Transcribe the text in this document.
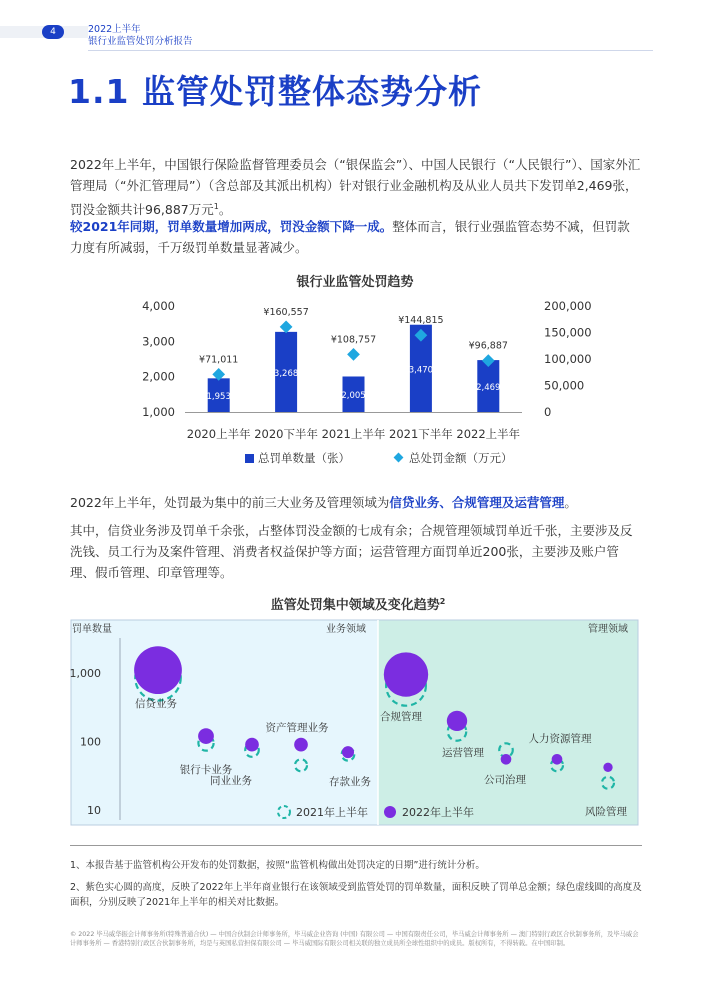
4	2022上半年
银行业监管处罚分析报告
1.1 监管处罚整体态势分析

2022年上半年，中国银行保险监督管理委员会（“银保监会”）、中国人民银行（“人民银行”）、国家外汇管理局（“外汇管理局”）（含总部及其派出机构）针对银行业金融机构及从业人员共下发罚单2,469张，罚没金额共计96,887万元$^1$。

较2021年同期，罚单数量增加两成，罚没金额下降一成。整体而言，银行业强监管态势不减，但罚款力度有所减弱，千万级罚单数量显著减少。

银行业监管处罚趋势
1,000
2,000
3,000
4,000
0
50,000
100,000
150,000
200,000
1,953
¥71,011
2020上半年
3,268
¥160,557
2020下半年
2,005
¥108,757
2021上半年
3,470
¥144,815
2021下半年
2,469
¥96,887
2022上半年
总罚单数量（张）	总处罚金额（万元）

2022年上半年，处罚最为集中的前三大业务及管理领域为信贷业务、合规管理及运营管理。

其中，信贷业务涉及罚单千余张，占整体罚没金额的七成有余；合规管理领域罚单近千张，主要涉及反洗钱、员工行为及案件管理、消费者权益保护等方面；运营管理方面罚单近200张，主要涉及账户管理、假币管理、印章管理等。

监管处罚集中领域及变化趋势$^2$
罚单数量	业务领域	管理领域
10
100
1,000
信贷业务
银行卡业务
同业业务
资产管理业务
存款业务
合规管理
运营管理
公司治理
人力资源管理
风险管理
2021年上半年	2022年上半年
1、本报告基于监管机构公开发布的处罚数据，按照“监管机构做出处罚决定的日期”进行统计分析。
2、紫色实心圆的高度，反映了2022年上半年商业银行在该领域受到监管处罚的罚单数量，面积反映了罚单总金额；绿色虚线圆的高度及面积，分别反映了2021年上半年的相关对比数据。
© 2022 毕马威华振会计师事务所(特殊普通合伙) — 中国合伙制会计师事务所，毕马威企业咨询 (中国) 有限公司 — 中国有限责任公司，毕马威会计师事务所 — 澳门特别行政区合伙制事务所，及毕马威会计师事务所 — 香港特别行政区合伙制事务所，均是与英国私营担保有限公司 — 毕马威国际有限公司相关联的独立成员所全球性组织中的成员。版权所有，不得转载。在中国印制。
